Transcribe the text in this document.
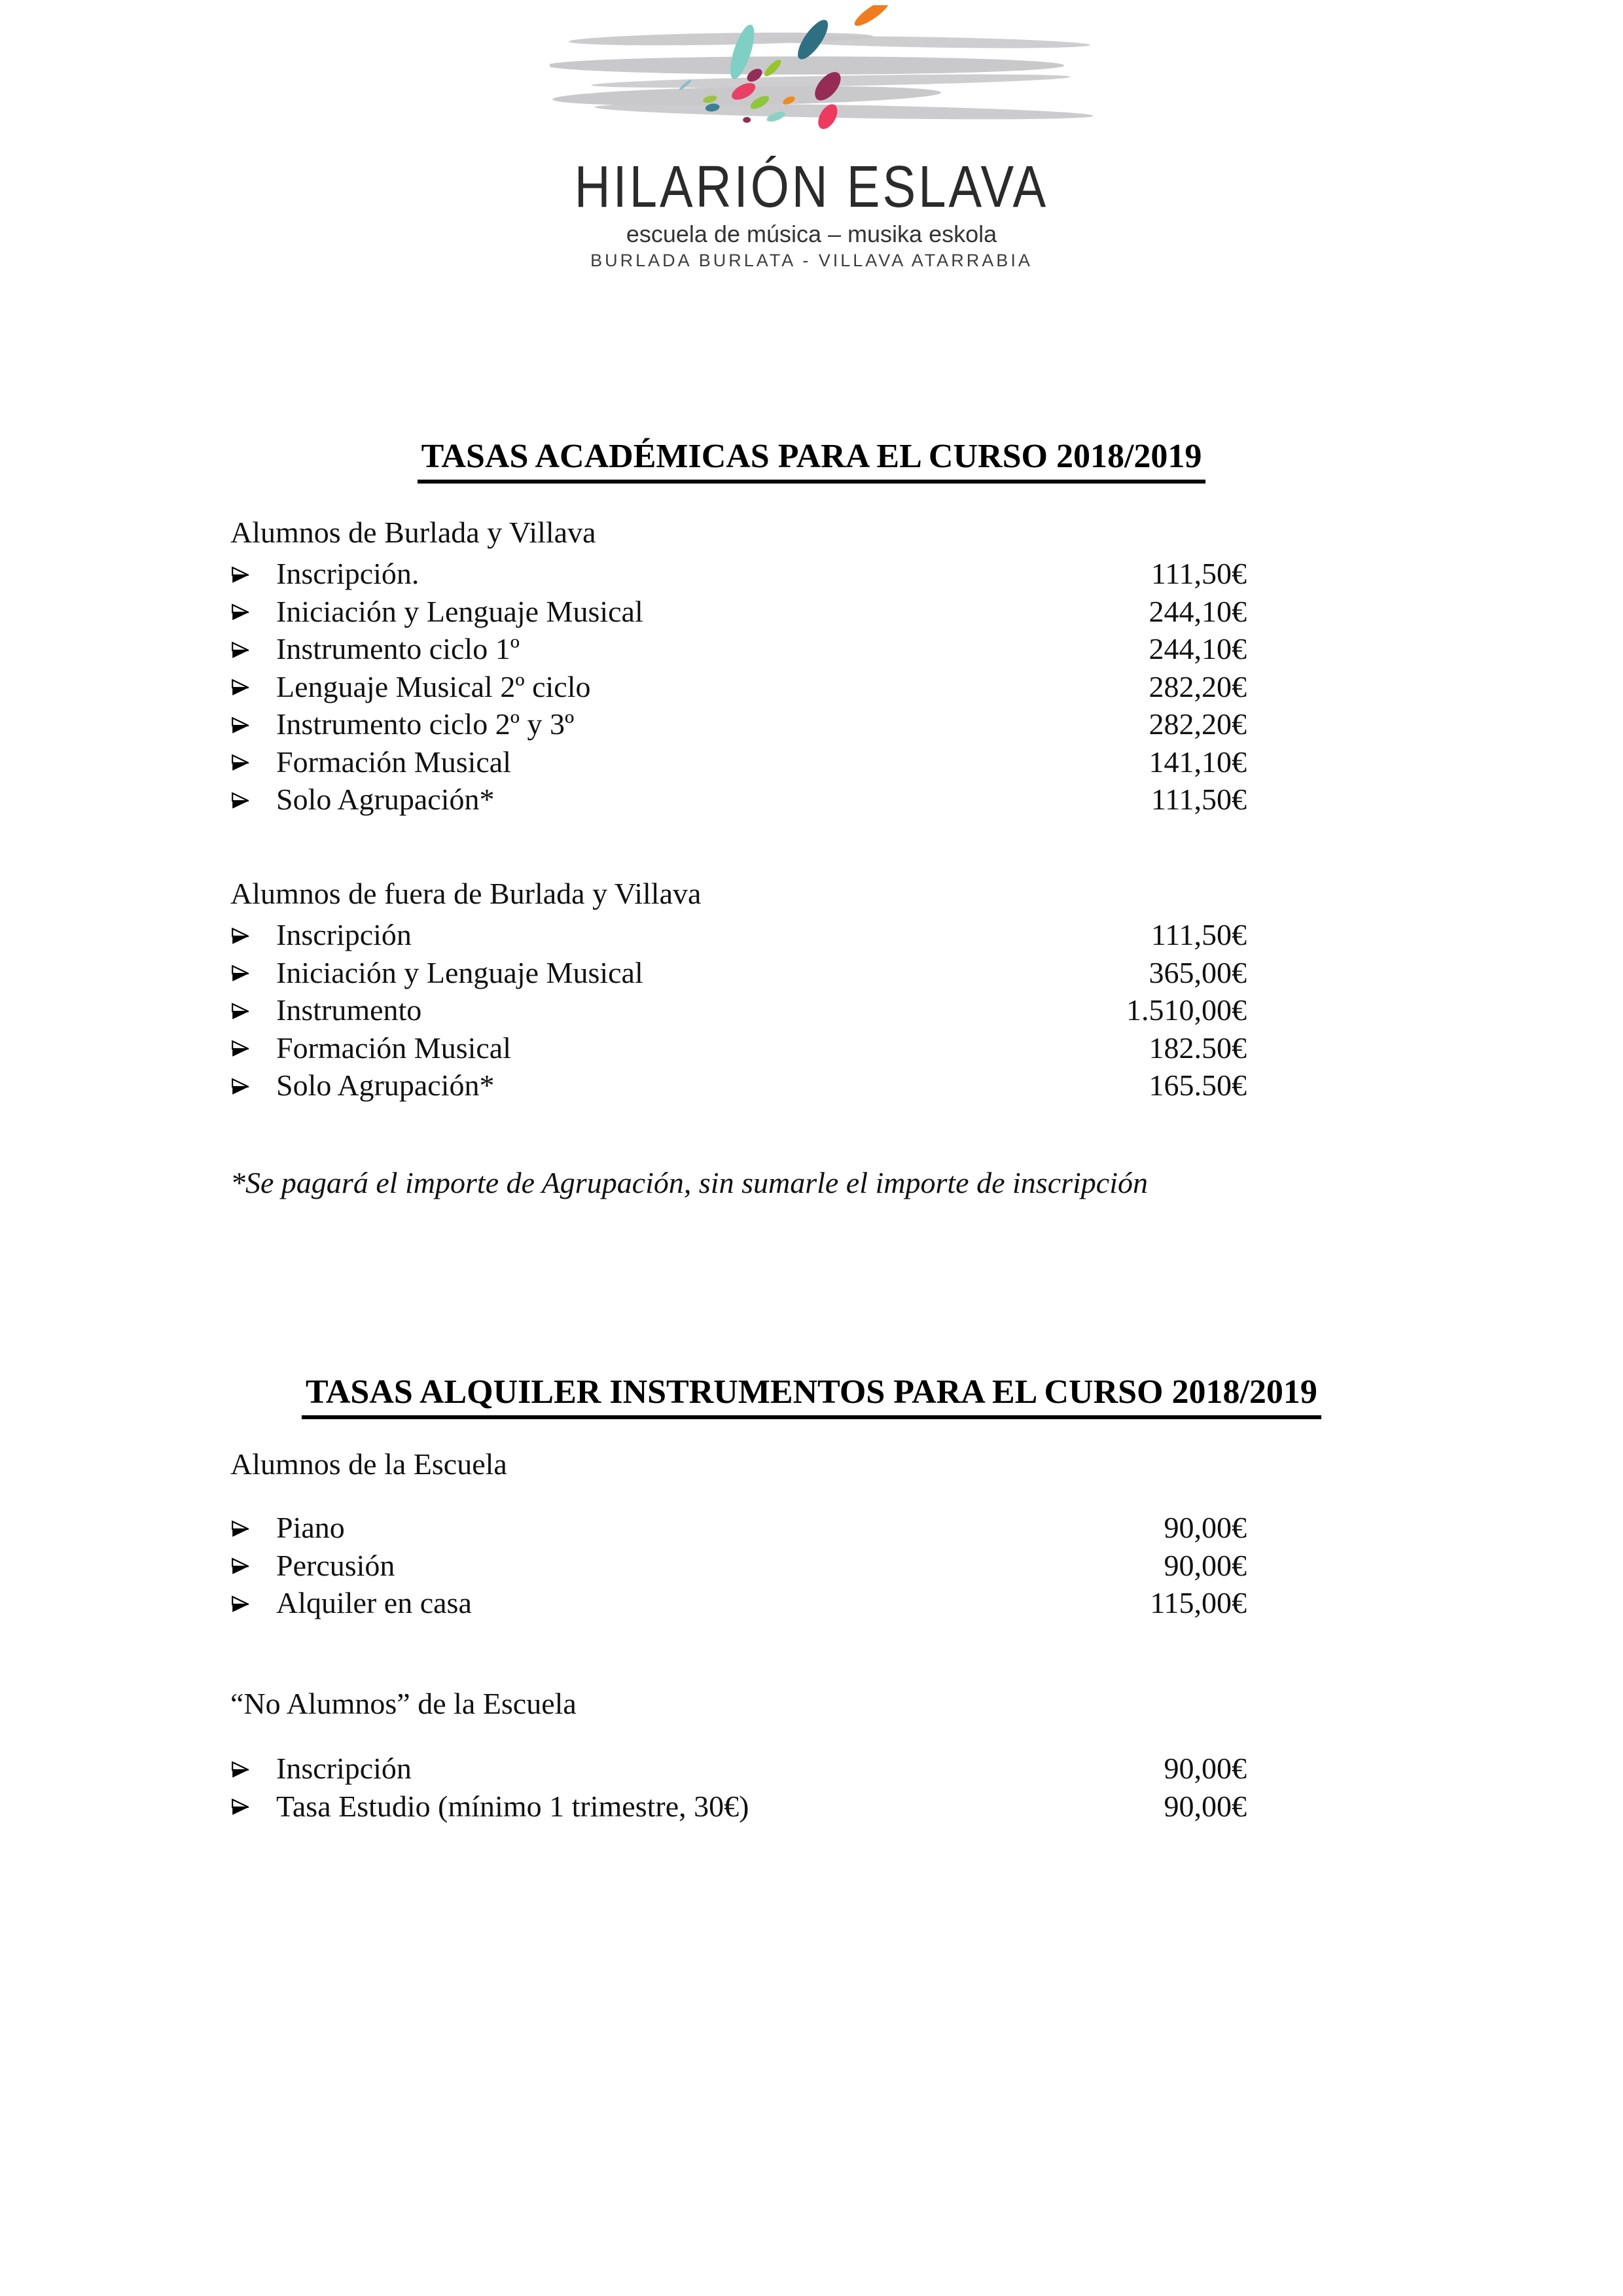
HILARIÓN ESLAVA
escuela de música – musika eskola
BURLADA BURLATA - VILLAVA ATARRABIA
TASAS ACADÉMICAS PARA EL CURSO 2018/2019
Alumnos de Burlada y Villava
Inscripción.	111,50€
Iniciación y Lenguaje Musical	244,10€
Instrumento ciclo 1º	244,10€
Lenguaje Musical 2º ciclo	282,20€
Instrumento ciclo 2º y 3º	282,20€
Formación Musical	141,10€
Solo Agrupación*	111,50€
Alumnos de fuera de Burlada y Villava
Inscripción	111,50€
Iniciación y Lenguaje Musical	365,00€
Instrumento	1.510,00€
Formación Musical	182.50€
Solo Agrupación*	165.50€
*Se pagará el importe de Agrupación, sin sumarle el importe de inscripción
TASAS ALQUILER INSTRUMENTOS PARA EL CURSO 2018/2019
Alumnos de la Escuela
Piano	90,00€
Percusión	90,00€
Alquiler en casa	115,00€
“No Alumnos” de la Escuela
Inscripción	90,00€
Tasa Estudio (mínimo 1 trimestre, 30€)	90,00€
